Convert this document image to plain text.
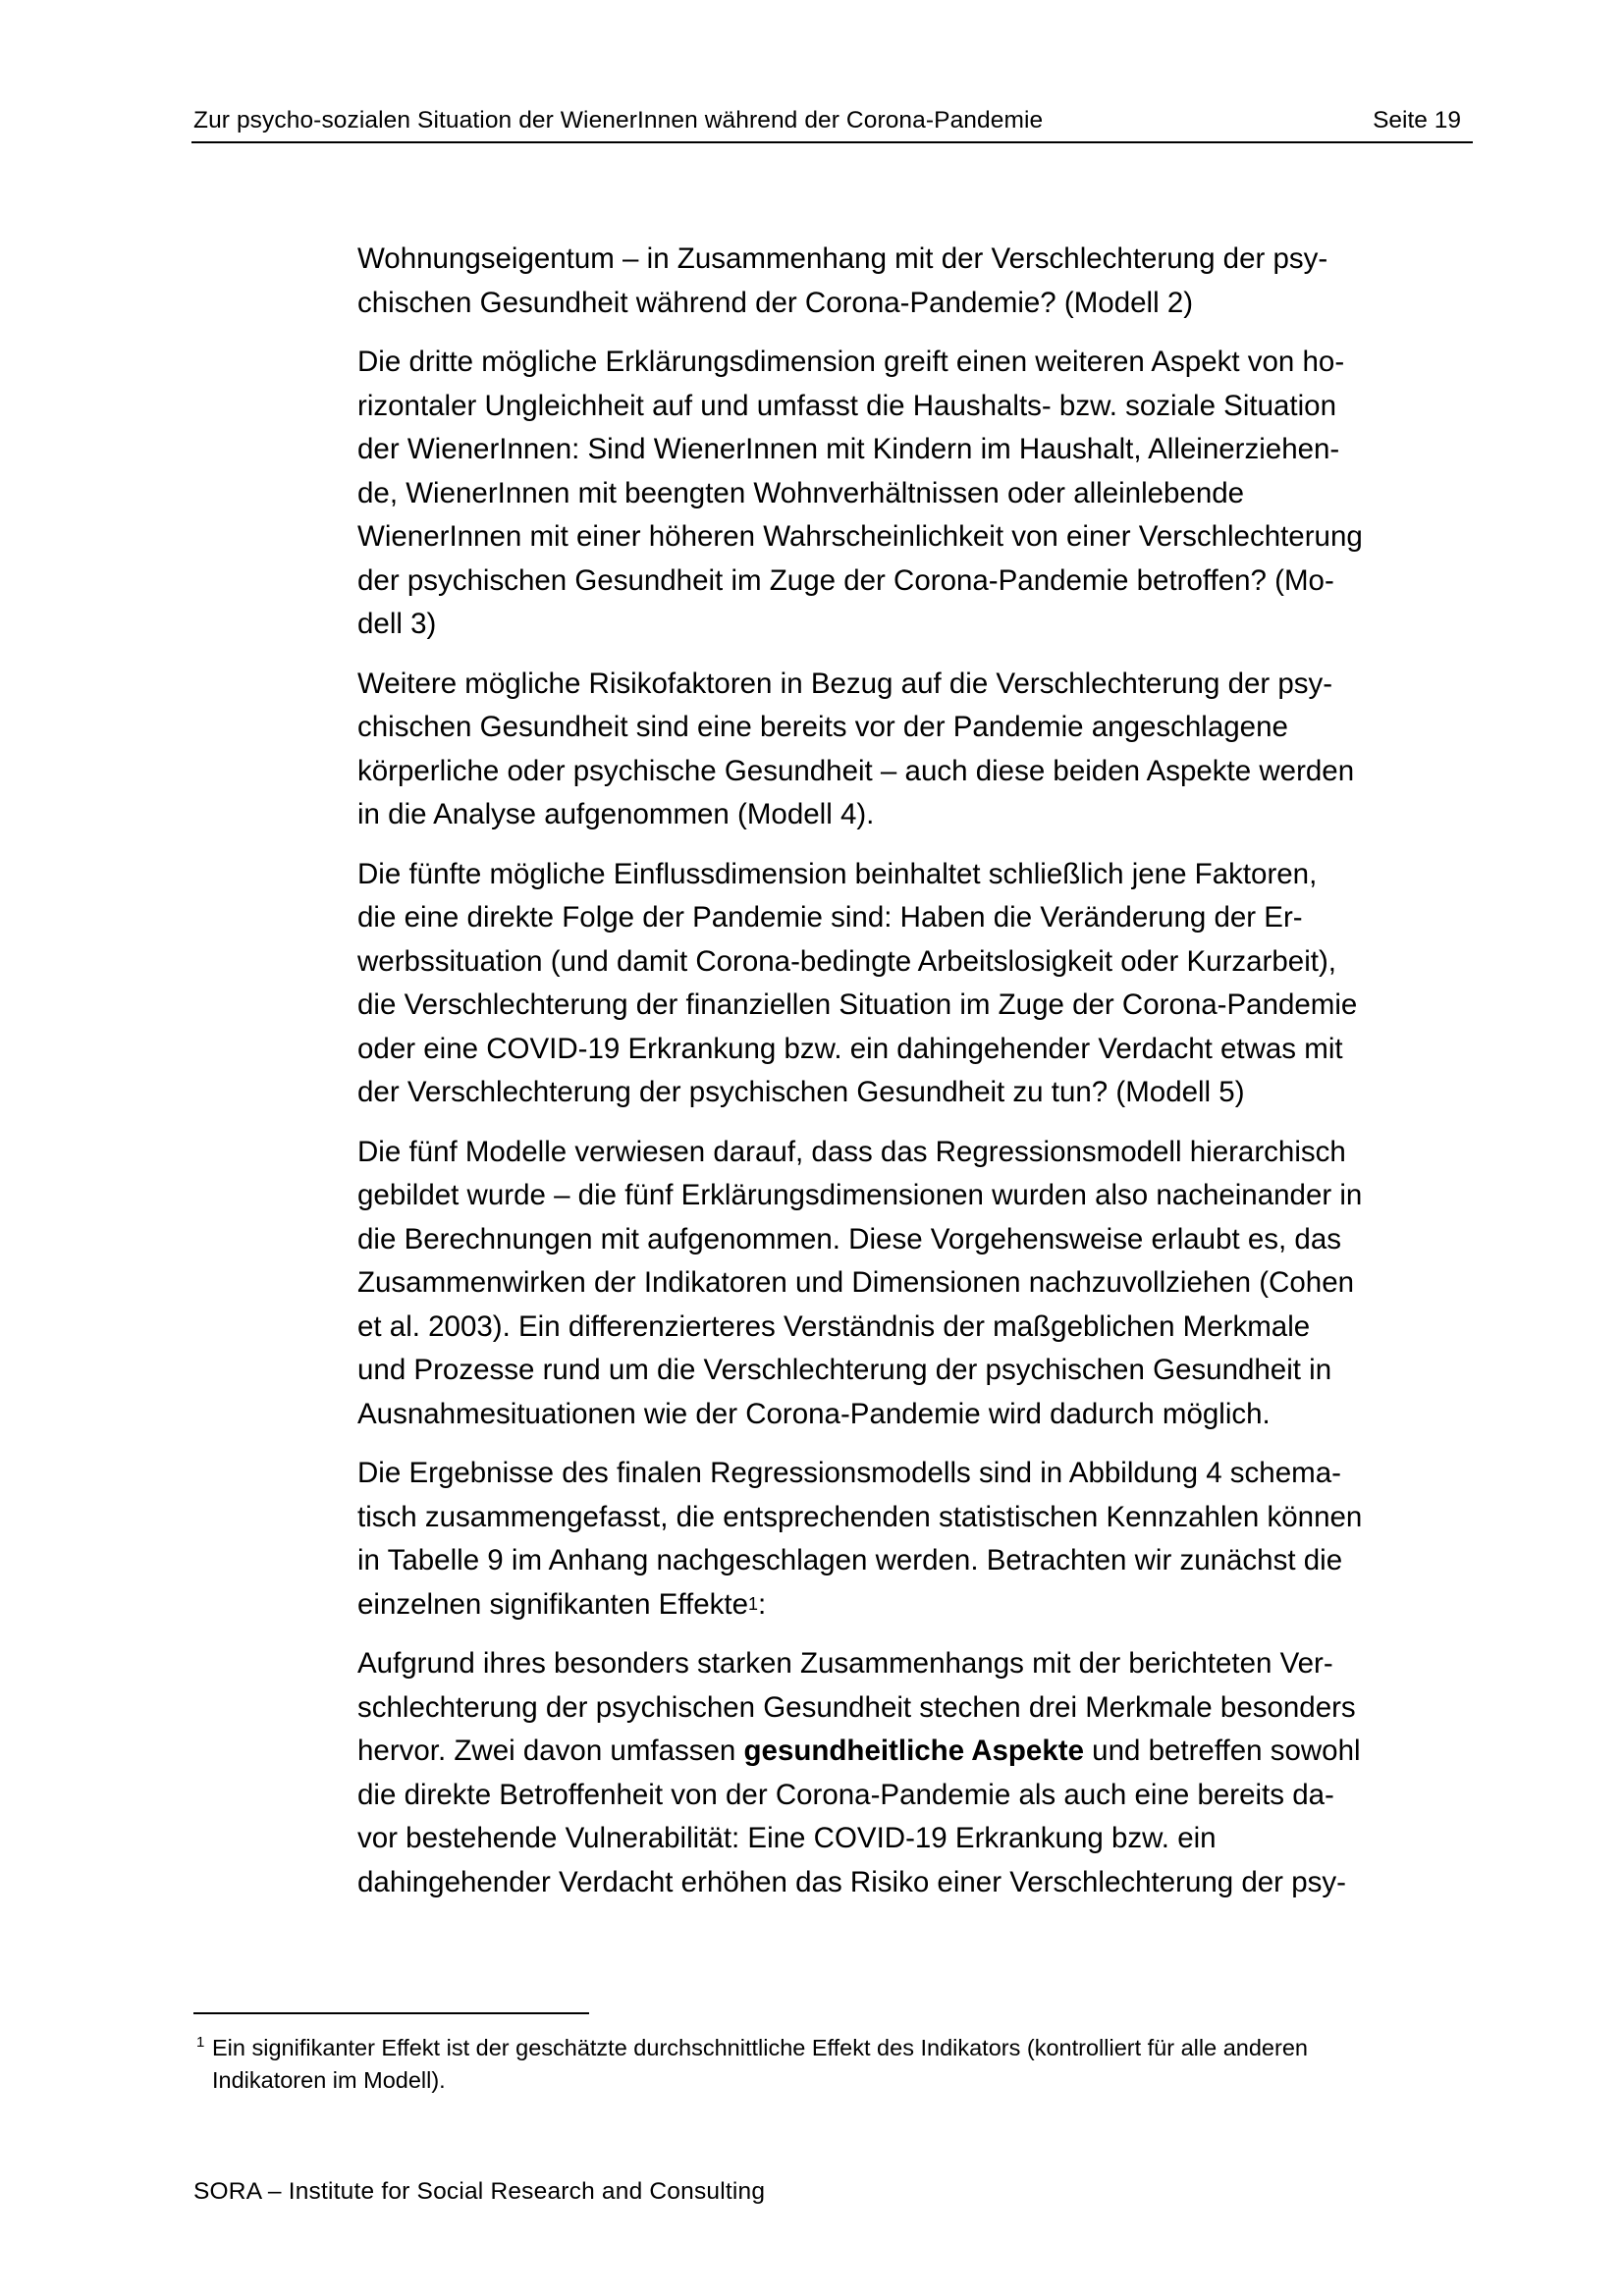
Zur psycho-sozialen Situation der WienerInnen während der Corona-Pandemie	Seite 19

Wohnungseigentum – in Zusammenhang mit der Verschlechterung der psy-
chischen Gesundheit während der Corona-Pandemie? (Modell 2)

Die dritte mögliche Erklärungsdimension greift einen weiteren Aspekt von ho-
rizontaler Ungleichheit auf und umfasst die Haushalts- bzw. soziale Situation
der WienerInnen: Sind WienerInnen mit Kindern im Haushalt, Alleinerziehen-
de, WienerInnen mit beengten Wohnverhältnissen oder alleinlebende
WienerInnen mit einer höheren Wahrscheinlichkeit von einer Verschlechterung
der psychischen Gesundheit im Zuge der Corona-Pandemie betroffen? (Mo-
dell 3)

Weitere mögliche Risikofaktoren in Bezug auf die Verschlechterung der psy-
chischen Gesundheit sind eine bereits vor der Pandemie angeschlagene
körperliche oder psychische Gesundheit – auch diese beiden Aspekte werden
in die Analyse aufgenommen (Modell 4).

Die fünfte mögliche Einflussdimension beinhaltet schließlich jene Faktoren,
die eine direkte Folge der Pandemie sind: Haben die Veränderung der Er-
werbssituation (und damit Corona-bedingte Arbeitslosigkeit oder Kurzarbeit),
die Verschlechterung der finanziellen Situation im Zuge der Corona-Pandemie
oder eine COVID-19 Erkrankung bzw. ein dahingehender Verdacht etwas mit
der Verschlechterung der psychischen Gesundheit zu tun? (Modell 5)

Die fünf Modelle verwiesen darauf, dass das Regressionsmodell hierarchisch
gebildet wurde – die fünf Erklärungsdimensionen wurden also nacheinander in
die Berechnungen mit aufgenommen. Diese Vorgehensweise erlaubt es, das
Zusammenwirken der Indikatoren und Dimensionen nachzuvollziehen (Cohen
et al. 2003). Ein differenzierteres Verständnis der maßgeblichen Merkmale
und Prozesse rund um die Verschlechterung der psychischen Gesundheit in
Ausnahmesituationen wie der Corona-Pandemie wird dadurch möglich.

Die Ergebnisse des finalen Regressionsmodells sind in Abbildung 4 schema-
tisch zusammengefasst, die entsprechenden statistischen Kennzahlen können
in Tabelle 9 im Anhang nachgeschlagen werden. Betrachten wir zunächst die
einzelnen signifikanten Effekte$^1$:

Aufgrund ihres besonders starken Zusammenhangs mit der berichteten Ver-
schlechterung der psychischen Gesundheit stechen drei Merkmale besonders
hervor. Zwei davon umfassen gesundheitliche Aspekte und betreffen sowohl
die direkte Betroffenheit von der Corona-Pandemie als auch eine bereits da-
vor bestehende Vulnerabilität: Eine COVID-19 Erkrankung bzw. ein
dahingehender Verdacht erhöhen das Risiko einer Verschlechterung der psy-

1 Ein signifikanter Effekt ist der geschätzte durchschnittliche Effekt des Indikators (kontrolliert für alle anderen
Indikatoren im Modell).
SORA – Institute for Social Research and Consulting
